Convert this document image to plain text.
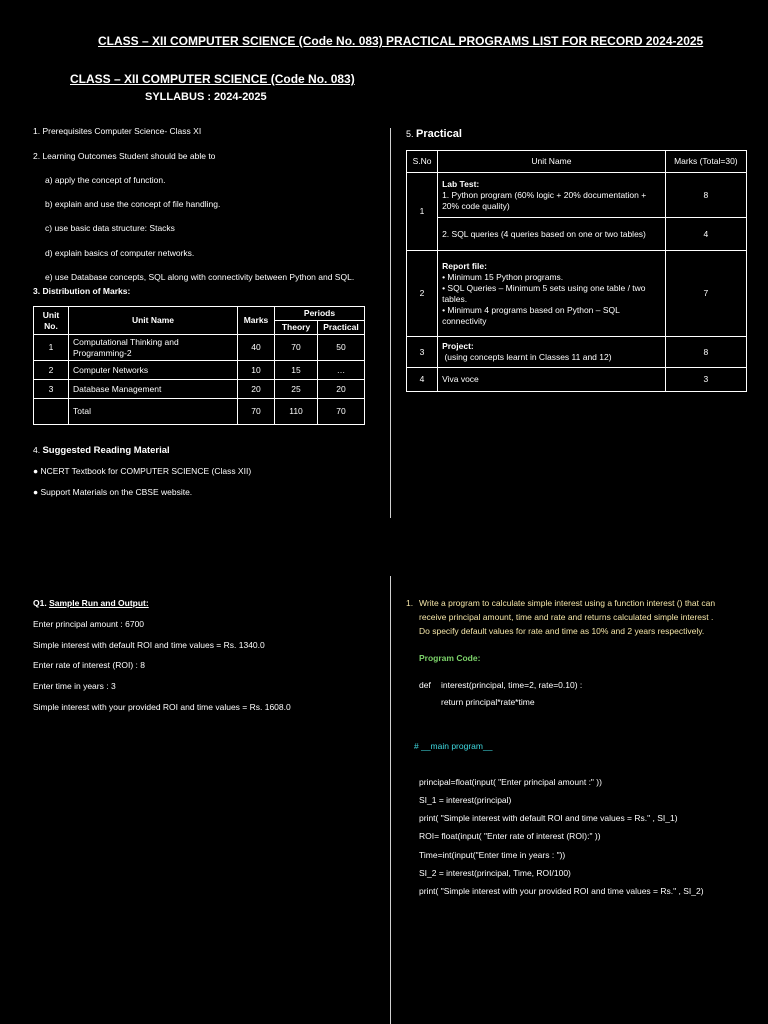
CLASS – XII COMPUTER SCIENCE (Code No. 083) PRACTICAL PROGRAMS LIST FOR RECORD 2024-2025
CLASS – XII COMPUTER SCIENCE (Code No. 083)
SYLLABUS : 2024-2025
1. Prerequisites Computer Science- Class XI
2. Learning Outcomes Student should be able to
a) apply the concept of function.
b) explain and use the concept of file handling.
c) use basic data structure: Stacks
d) explain basics of computer networks.
e) use Database concepts, SQL along with connectivity between Python and SQL.
3. Distribution of Marks:
Unit No.	Unit Name	Marks	Periods	
			Theory	Practical
1	Computational Thinking and Programming-2	40	70	50
2	Computer Networks	10	15	…
3	Database Management	20	25	20
	Total	70	110	70
4. Suggested Reading Material
● NCERT Textbook for COMPUTER SCIENCE (Class XII)
● Support Materials on the CBSE website.
5. Practical
S.No	Unit Name	Marks (Total=30)
1	Lab Test:
1. Python program (60% logic + 20% documentation + 20% code quality)	8
	2. SQL queries (4 queries based on one or two tables)	4
2	Report file:
• Minimum 15 Python programs.
• SQL Queries – Minimum 5 sets using one table / two tables.
• Minimum 4 programs based on Python – SQL connectivity	7
3	Project:
(using concepts learnt in Classes 11 and 12)	8
4	Viva voce	3
Q1. Sample Run and Output:
Enter principal amount : 6700
Simple interest with default ROI and time values = Rs. 1340.0
Enter rate of interest (ROI) : 8
Enter time in years : 3
Simple interest with your provided ROI and time values = Rs. 1608.0
1. Write a program to calculate simple interest using a function interest () that can
receive principal amount, time and rate and returns calculated simple interest .
Do specify default values for rate and time as 10% and 2 years respectively.
Program Code:
def interest(principal, time=2, rate=0.10) :
return principal*rate*time
# __main program__
principal=float(input( "Enter principal amount :" ))
SI_1 = interest(principal)
print( "Simple interest with default ROI and time values = Rs." , SI_1)
ROI= float(input( "Enter rate of interest (ROI):" ))
Time=int(input("Enter time in years : "))
SI_2 = interest(principal, Time, ROI/100)
print( "Simple interest with your provided ROI and time values = Rs." , SI_2)
